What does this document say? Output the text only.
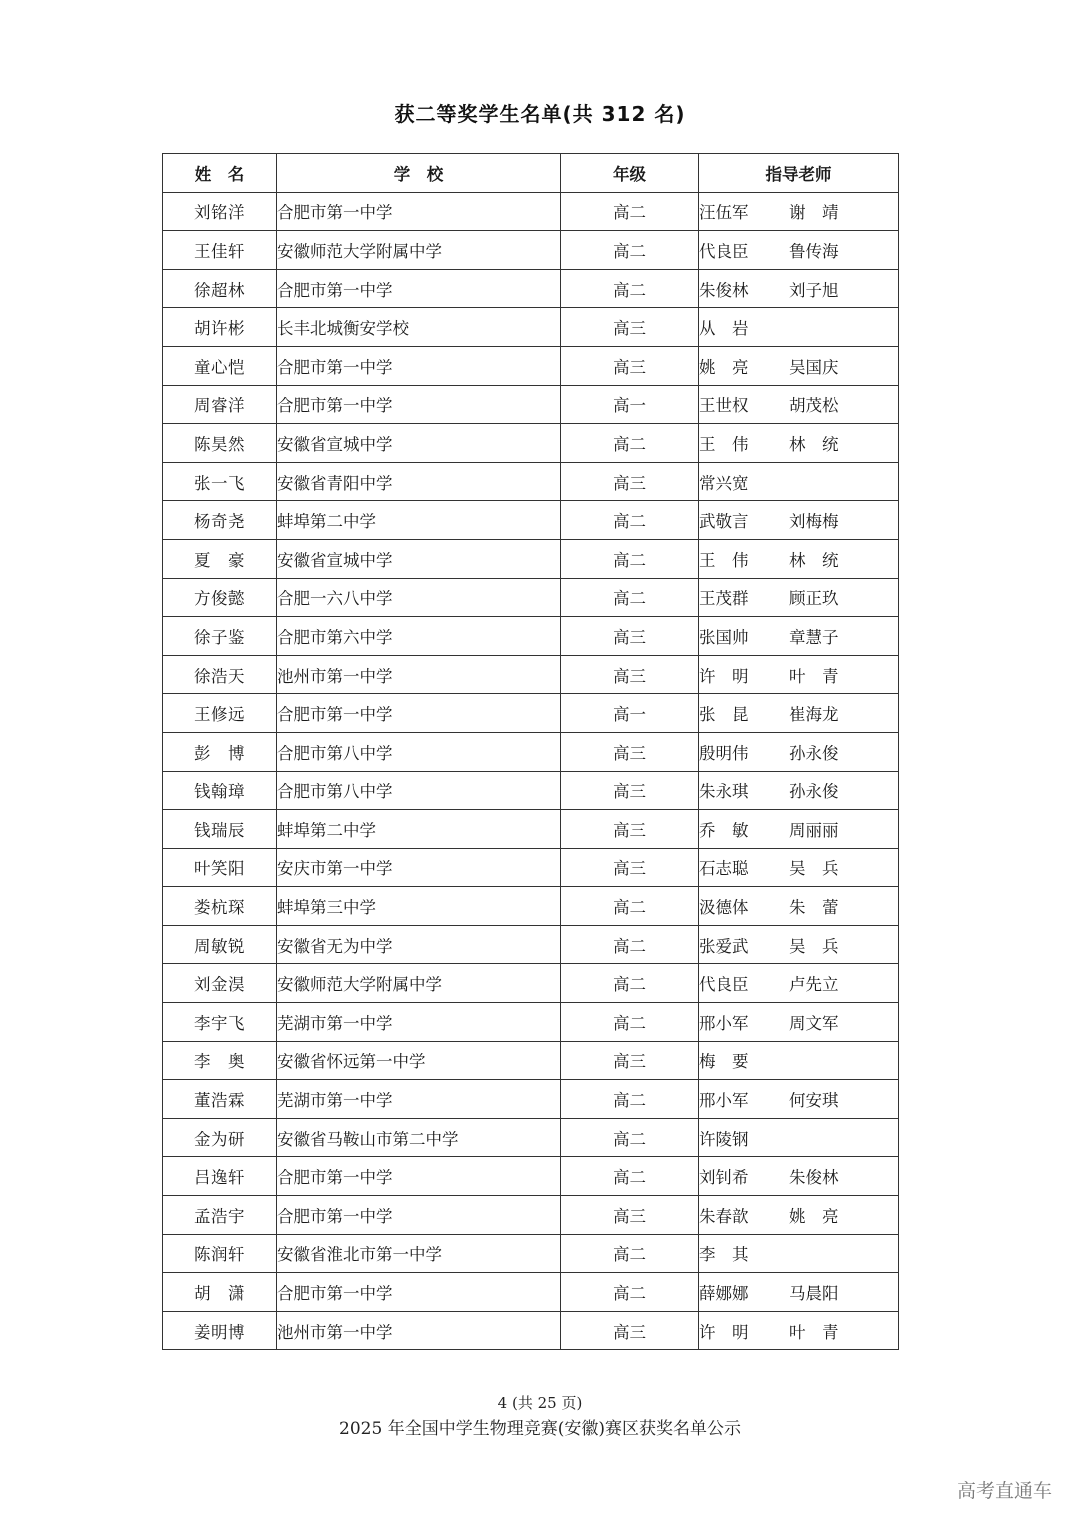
获二等奖学生名单(共 312 名)
姓　名	学　校	年级	指导老师
刘铭洋	合肥市第一中学	高二	汪伍军 谢　靖
王佳轩	安徽师范大学附属中学	高二	代良臣 鲁传海
徐超林	合肥市第一中学	高二	朱俊林 刘子旭
胡许彬	长丰北城衡安学校	高三	从　岩
童心恺	合肥市第一中学	高三	姚　亮 吴国庆
周睿洋	合肥市第一中学	高一	王世权 胡茂松
陈昊然	安徽省宣城中学	高二	王　伟 林　统
张一飞	安徽省青阳中学	高三	常兴宽
杨奇尧	蚌埠第二中学	高二	武敬言 刘梅梅
夏　豪	安徽省宣城中学	高二	王　伟 林　统
方俊懿	合肥一六八中学	高二	王茂群 顾正玖
徐子鉴	合肥市第六中学	高三	张国帅 章慧子
徐浩天	池州市第一中学	高三	许　明 叶　青
王修远	合肥市第一中学	高一	张　昆 崔海龙
彭　博	合肥市第八中学	高三	殷明伟 孙永俊
钱翰璋	合肥市第八中学	高三	朱永琪 孙永俊
钱瑞辰	蚌埠第二中学	高三	乔　敏 周丽丽
叶笑阳	安庆市第一中学	高三	石志聪 吴　兵
娄杭琛	蚌埠第三中学	高二	汲德体 朱　蕾
周敏锐	安徽省无为中学	高二	张爱武 吴　兵
刘金淏	安徽师范大学附属中学	高二	代良臣 卢先立
李宇飞	芜湖市第一中学	高二	邢小军 周文军
李　奥	安徽省怀远第一中学	高三	梅　要
董浩霖	芜湖市第一中学	高二	邢小军 何安琪
金为研	安徽省马鞍山市第二中学	高二	许陵钢
吕逸轩	合肥市第一中学	高二	刘钊希 朱俊林
孟浩宇	合肥市第一中学	高三	朱春歆 姚　亮
陈润轩	安徽省淮北市第一中学	高二	李　其
胡　潇	合肥市第一中学	高二	薛娜娜 马晨阳
姜明博	池州市第一中学	高三	许　明 叶　青
4 (共 25 页)
2025 年全国中学生物理竞赛(安徽)赛区获奖名单公示
高考直通车
